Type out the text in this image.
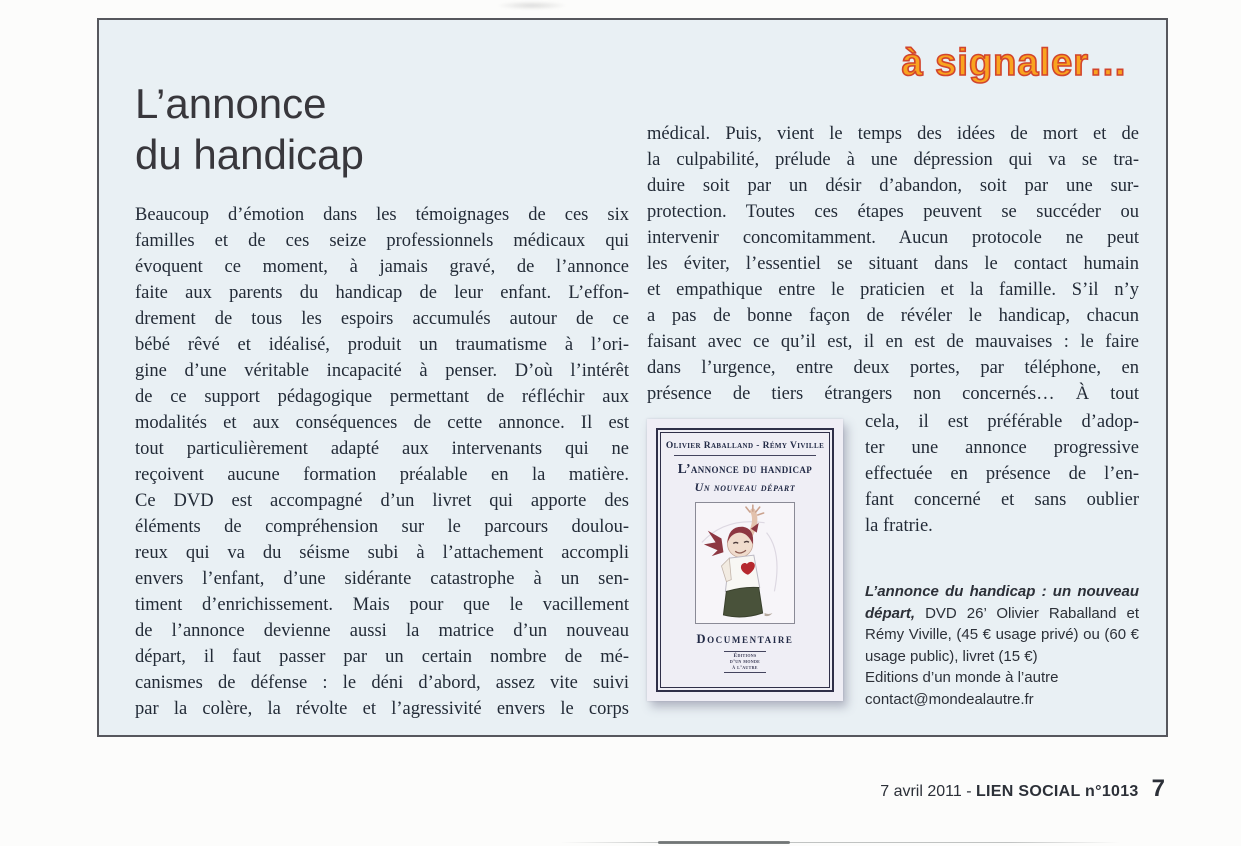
à signaler…
L’annonce
du handicap
Beaucoup d’émotion dans les témoignages de ces six
familles et de ces seize professionnels médicaux qui
évoquent ce moment, à jamais gravé, de l’annonce
faite aux parents du handicap de leur enfant. L’effon-
drement de tous les espoirs accumulés autour de ce
bébé rêvé et idéalisé, produit un traumatisme à l’ori-
gine d’une véritable incapacité à penser. D’où l’intérêt
de ce support pédagogique permettant de réfléchir aux
modalités et aux conséquences de cette annonce. Il est
tout particulièrement adapté aux intervenants qui ne
reçoivent aucune formation préalable en la matière.
Ce DVD est accompagné d’un livret qui apporte des
éléments de compréhension sur le parcours doulou-
reux qui va du séisme subi à l’attachement accompli
envers l’enfant, d’une sidérante catastrophe à un sen-
timent d’enrichissement. Mais pour que le vacillement
de l’annonce devienne aussi la matrice d’un nouveau
départ, il faut passer par un certain nombre de mé-
canismes de défense : le déni d’abord, assez vite suivi
par la colère, la révolte et l’agressivité envers le corps
médical. Puis, vient le temps des idées de mort et de
la culpabilité, prélude à une dépression qui va se tra-
duire soit par un désir d’abandon, soit par une sur-
protection. Toutes ces étapes peuvent se succéder ou
intervenir concomitamment. Aucun protocole ne peut
les éviter, l’essentiel se situant dans le contact humain
et empathique entre le praticien et la famille. S’il n’y
a pas de bonne façon de révéler le handicap, chacun
faisant avec ce qu’il est, il en est de mauvaises : le faire
dans l’urgence, entre deux portes, par téléphone, en
présence de tiers étrangers non concernés… À tout
Olivier Raballand - Rémy Viville
L’annonce du handicap
Un nouveau départ
Documentaire
Éditions
d’un monde
à l’autre
cela, il est préférable d’adop-
ter une annonce progressive
effectuée en présence de l’en-
fant concerné et sans oublier
la fratrie.

L’annonce du handicap : un nouveau départ, DVD 26’ Olivier Raballand et Rémy Viville, (45 € usage privé) ou (60 € usage public), livret (15 €)

Editions d’un monde à l’autre
contact@mondealautre.fr
7 avril 2011 - LIEN SOCIAL n°1013 7
